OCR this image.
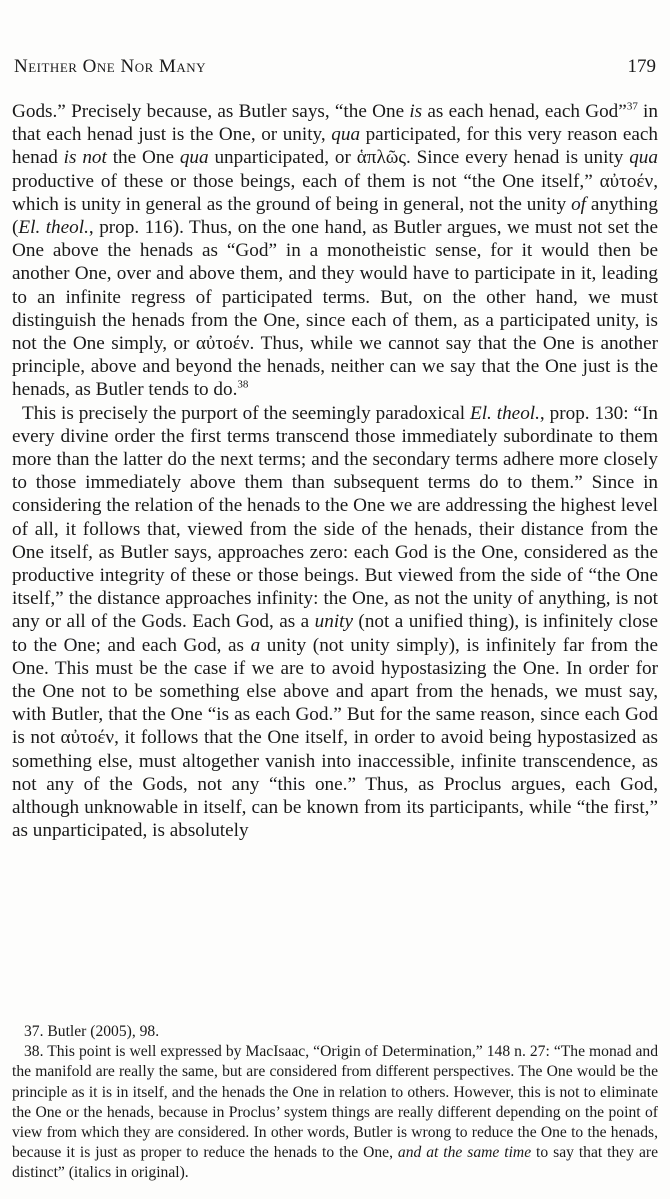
Neither One Nor Many	179

Gods.” Precisely because, as Butler says, “the One is as each henad, each God”$^{37}$ in that each henad just is the One, or unity, qua participated, for this very reason each henad is not the One qua unparticipated, or ἁπλῶς. Since every henad is unity qua productive of these or those beings, each of them is not “the One itself,” αὐτοέν, which is unity in general as the ground of being in general, not the unity of anything (El. theol., prop. 116). Thus, on the one hand, as Butler argues, we must not set the One above the henads as “God” in a monotheistic sense, for it would then be another One, over and above them, and they would have to participate in it, leading to an infinite regress of participated terms. But, on the other hand, we must distinguish the henads from the One, since each of them, as a participated unity, is not the One simply, or αὐτοέν. Thus, while we cannot say that the One is another principle, above and beyond the henads, neither can we say that the One just is the henads, as Butler tends to do.$^{38}$

This is precisely the purport of the seemingly paradoxical El. theol., prop. 130: “In every divine order the first terms transcend those immediately subordinate to them more than the latter do the next terms; and the secondary terms adhere more closely to those immediately above them than subsequent terms do to them.” Since in considering the relation of the henads to the One we are addressing the highest level of all, it follows that, viewed from the side of the henads, their distance from the One itself, as Butler says, approaches zero: each God is the One, considered as the productive integrity of these or those beings. But viewed from the side of “the One itself,” the distance approaches infinity: the One, as not the unity of anything, is not any or all of the Gods. Each God, as a unity (not a unified thing), is infinitely close to the One; and each God, as a unity (not unity simply), is infinitely far from the One. This must be the case if we are to avoid hypostasizing the One. In order for the One not to be something else above and apart from the henads, we must say, with Butler, that the One “is as each God.” But for the same reason, since each God is not αὐτοέν, it follows that the One itself, in order to avoid being hypostasized as something else, must altogether vanish into inaccessible, infinite transcendence, as not any of the Gods, not any “this one.” Thus, as Proclus argues, each God, although unknowable in itself, can be known from its participants, while “the first,” as unparticipated, is absolutely

37. Butler (2005), 98.

38. This point is well expressed by MacIsaac, “Origin of Determination,” 148 n. 27: “The monad and the manifold are really the same, but are considered from different perspectives. The One would be the principle as it is in itself, and the henads the One in relation to others. However, this is not to eliminate the One or the henads, because in Proclus’ system things are really different depending on the point of view from which they are considered. In other words, Butler is wrong to reduce the One to the henads, because it is just as proper to reduce the henads to the One, and at the same time to say that they are distinct” (italics in original).
